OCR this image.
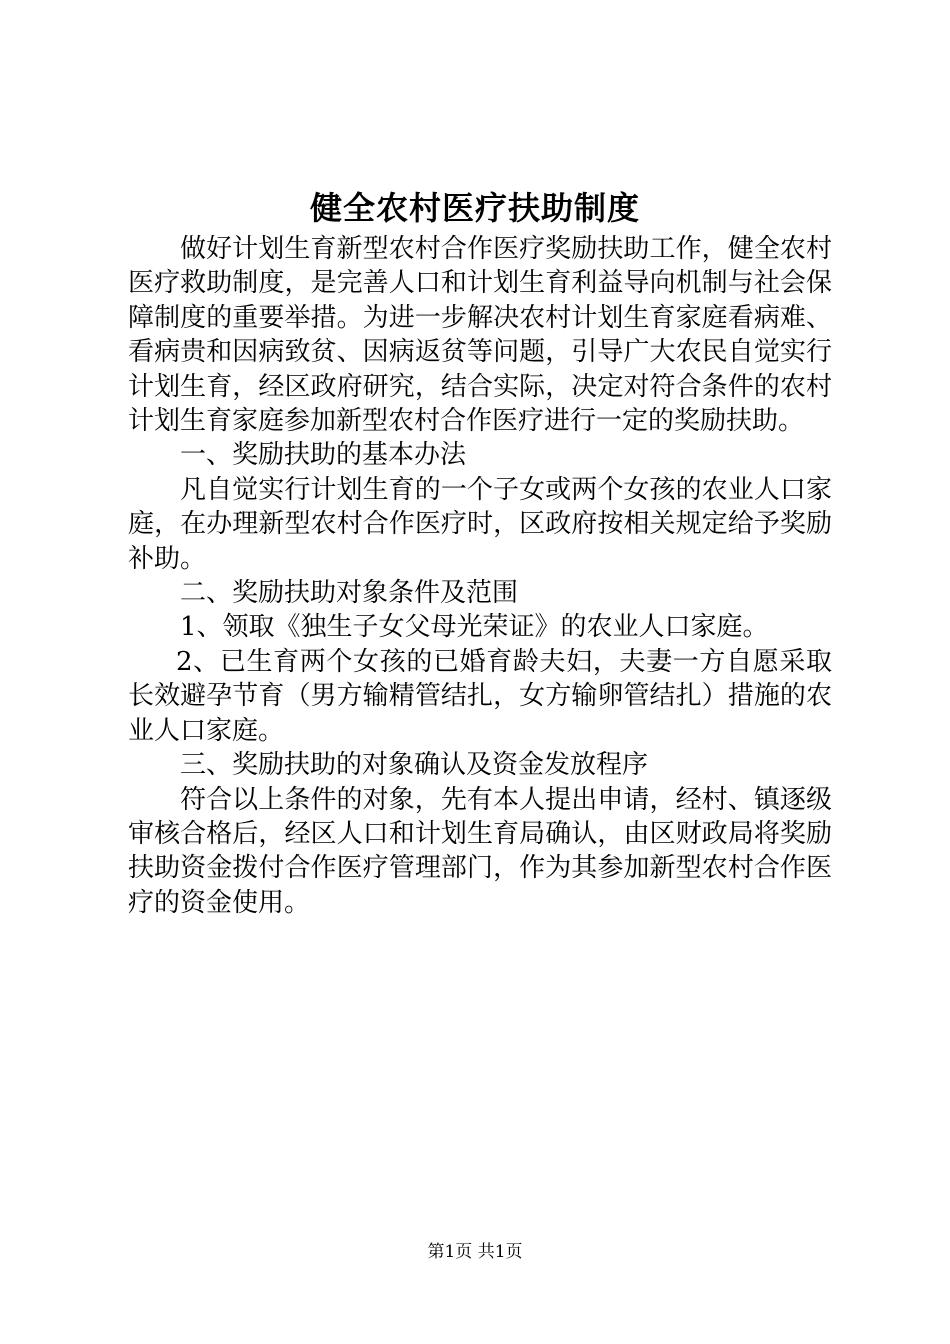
健全农村医疗扶助制度

做好计划生育新型农村合作医疗奖励扶助工作，健全农村医疗救助制度，是完善人口和计划生育利益导向机制与社会保障制度的重要举措。为进一步解决农村计划生育家庭看病难、看病贵和因病致贫、因病返贫等问题，引导广大农民自觉实行计划生育，经区政府研究，结合实际，决定对符合条件的农村计划生育家庭参加新型农村合作医疗进行一定的奖励扶助。

一、奖励扶助的基本办法

凡自觉实行计划生育的一个子女或两个女孩的农业人口家庭，在办理新型农村合作医疗时，区政府按相关规定给予奖励补助。

二、奖励扶助对象条件及范围

1、领取《独生子女父母光荣证》的农业人口家庭。

2、已生育两个女孩的已婚育龄夫妇，夫妻一方自愿采取长效避孕节育（男方输精管结扎，女方输卵管结扎）措施的农业人口家庭。

三、奖励扶助的对象确认及资金发放程序

符合以上条件的对象，先有本人提出申请，经村、镇逐级审核合格后，经区人口和计划生育局确认，由区财政局将奖励扶助资金拨付合作医疗管理部门，作为其参加新型农村合作医疗的资金使用。

第1页 共1页
